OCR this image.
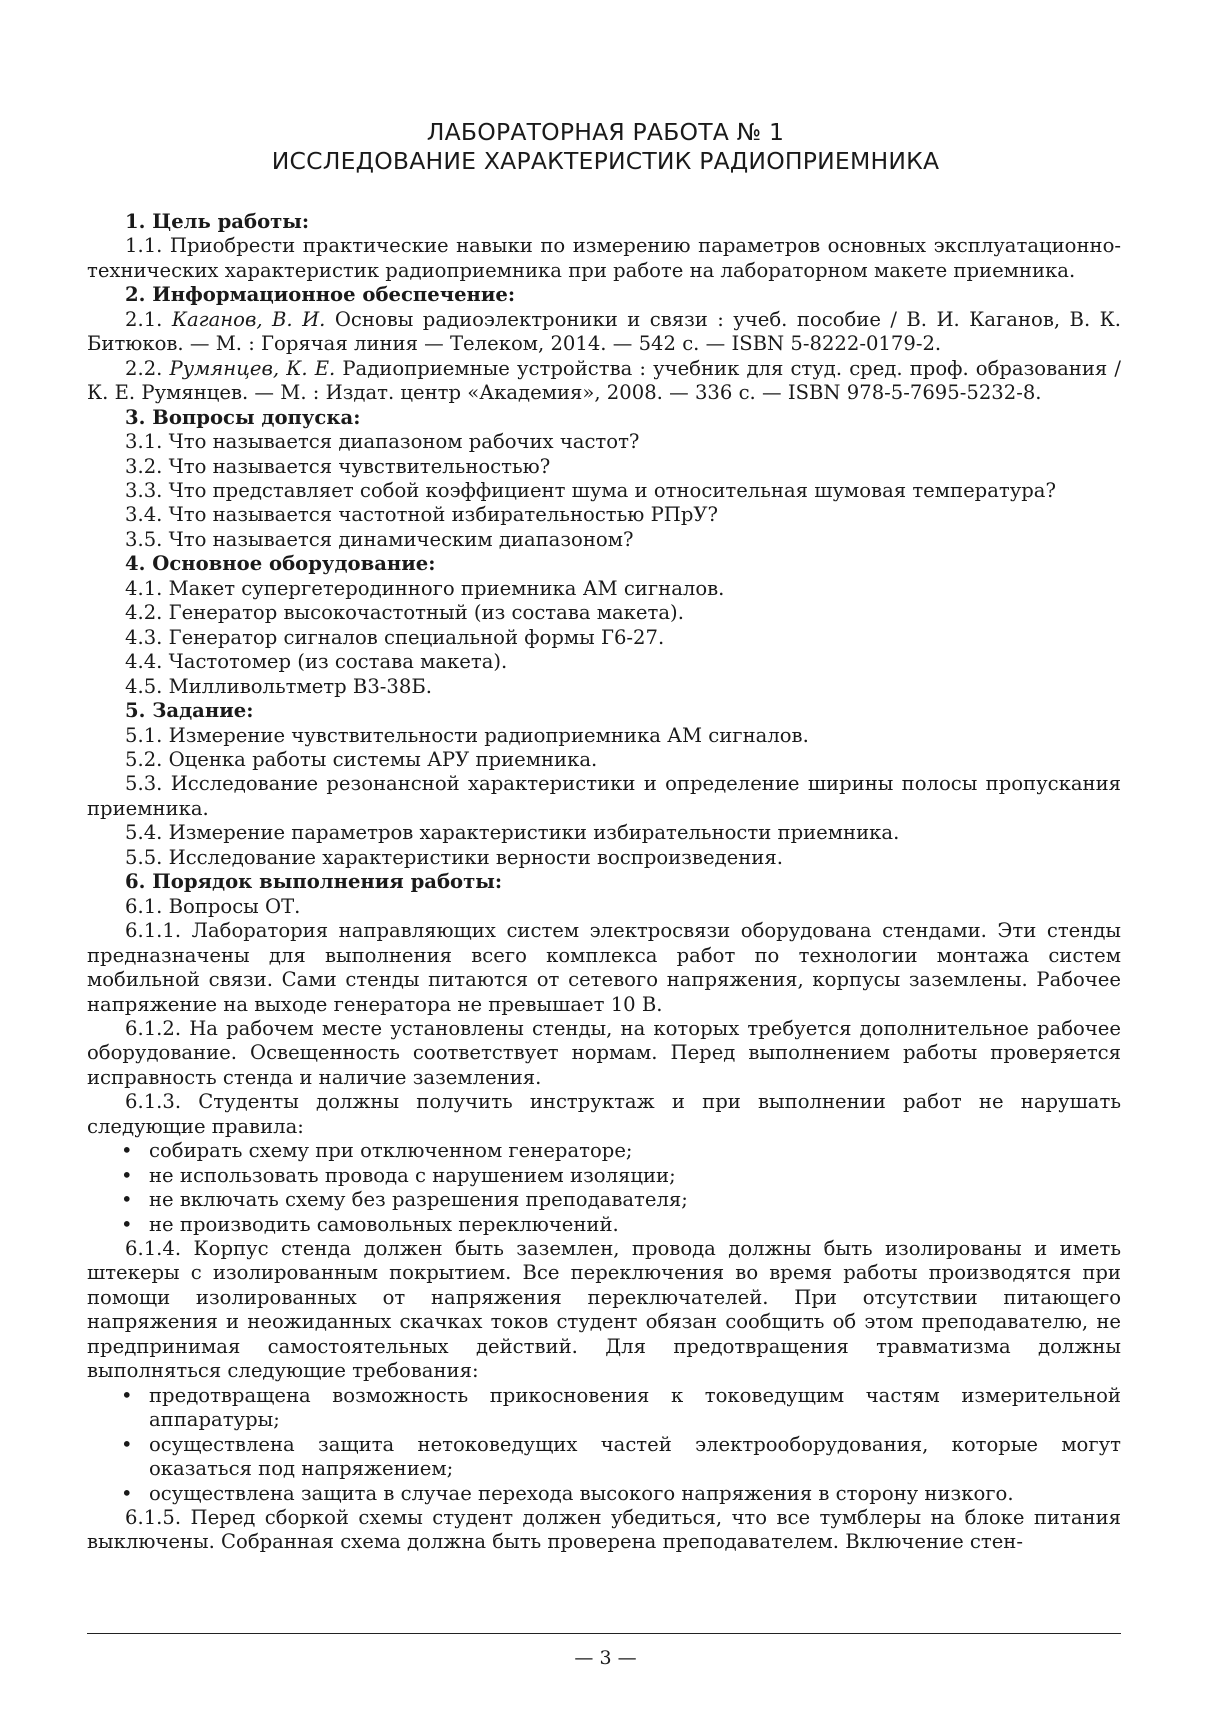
ЛАБОРАТОРНАЯ РАБОТА № 1
ИССЛЕДОВАНИЕ ХАРАКТЕРИСТИК РАДИОПРИЕМНИКА

1. Цель работы:

1.1. Приобрести практические навыки по измерению параметров основных эксплуатационно-технических характеристик радиоприемника при работе на лабораторном макете приемника.

2. Информационное обеспечение:

2.1. Каганов, В. И. Основы радиоэлектроники и связи : учеб. пособие / В. И. Каганов, В. К. Битюков. — М. : Горячая линия — Телеком, 2014. — 542 с. — ISBN 5-8222-0179-2.

2.2. Румянцев, К. Е. Радиоприемные устройства : учебник для студ. сред. проф. образования / К. Е. Румянцев. — М. : Издат. центр «Академия», 2008. — 336 с. — ISBN 978-5-7695-5232-8.

3. Вопросы допуска:

3.1. Что называется диапазоном рабочих частот?

3.2. Что называется чувствительностью?

3.3. Что представляет собой коэффициент шума и относительная шумовая температура?

3.4. Что называется частотной избирательностью РПрУ?

3.5. Что называется динамическим диапазоном?

4. Основное оборудование:

4.1. Макет супергетеродинного приемника АМ сигналов.

4.2. Генератор высокочастотный (из состава макета).

4.3. Генератор сигналов специальной формы Г6-27.

4.4. Частотомер (из состава макета).

4.5. Милливольтметр В3-38Б.

5. Задание:

5.1. Измерение чувствительности радиоприемника АМ сигналов.

5.2. Оценка работы системы АРУ приемника.

5.3. Исследование резонансной характеристики и определение ширины полосы пропускания приемника.

5.4. Измерение параметров характеристики избирательности приемника.

5.5. Исследование характеристики верности воспроизведения.

6. Порядок выполнения работы:

6.1. Вопросы ОТ.

6.1.1. Лаборатория направляющих систем электросвязи оборудована стендами. Эти стенды предназначены для выполнения всего комплекса работ по технологии монтажа систем мобильной связи. Сами стенды питаются от сетевого напряжения, корпусы заземлены. Рабочее напряжение на выходе генератора не превышает 10 В.

6.1.2. На рабочем месте установлены стенды, на которых требуется дополнительное рабочее оборудование. Освещенность соответствует нормам. Перед выполнением работы проверяется исправность стенда и наличие заземления.

6.1.3. Студенты должны получить инструктаж и при выполнении работ не нарушать следующие правила:

• собирать схему при отключенном генераторе;
• не использовать провода с нарушением изоляции;
• не включать схему без разрешения преподавателя;
• не производить самовольных переключений.

6.1.4. Корпус стенда должен быть заземлен, провода должны быть изолированы и иметь штекеры с изолированным покрытием. Все переключения во время работы производятся при помощи изолированных от напряжения переключателей. При отсутствии питающего напряжения и неожиданных скачках токов студент обязан сообщить об этом преподавателю, не предпринимая самостоятельных действий. Для предотвращения травматизма должны выполняться следующие требования:

• предотвращена возможность прикосновения к токоведущим частям измерительной аппаратуры;
• осуществлена защита нетоковедущих частей электрооборудования, которые могут оказаться под напряжением;
• осуществлена защита в случае перехода высокого напряжения в сторону низкого.

6.1.5. Перед сборкой схемы студент должен убедиться, что все тумблеры на блоке питания выключены. Собранная схема должна быть проверена преподавателем. Включение стен-

— 3 —
